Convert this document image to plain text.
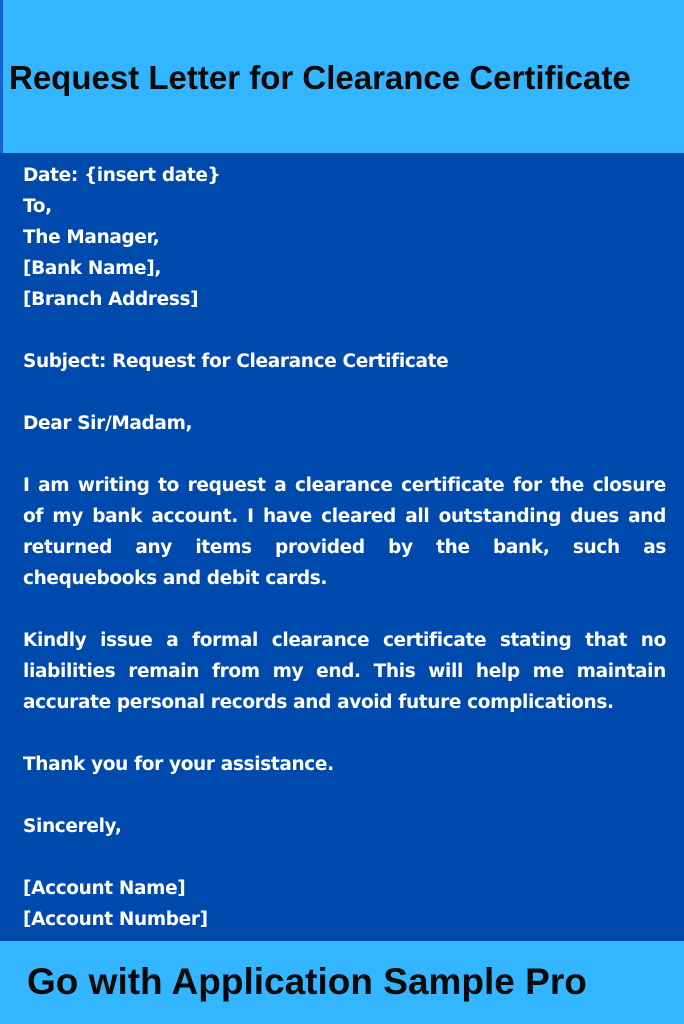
Request Letter for Clearance Certificate
Date: {insert date}
To,
The Manager,
[Bank Name],
[Branch Address]
Subject: Request for Clearance Certificate
Dear Sir/Madam,
I am writing to request a clearance certificate for the closure of my bank account. I have cleared all outstanding dues and returned any items provided by the bank, such as chequebooks and debit cards.
Kindly issue a formal clearance certificate stating that no liabilities remain from my end. This will help me maintain accurate personal records and avoid future complications.
Thank you for your assistance.
Sincerely,
[Account Name]
[Account Number]
Go with Application Sample Pro
